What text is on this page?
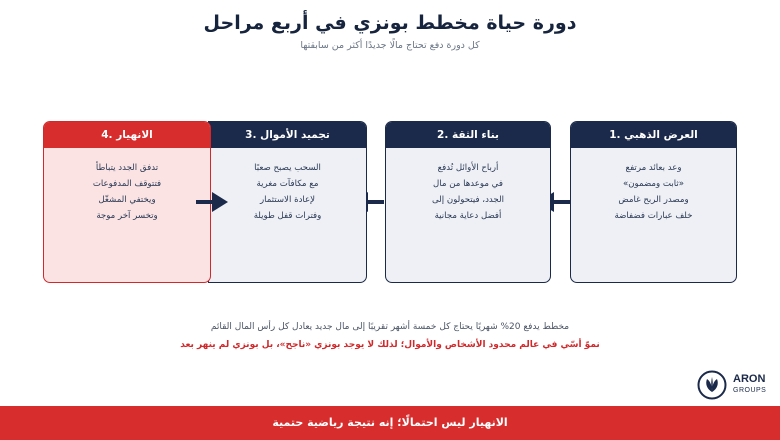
دورة حياة مخطط بونزي في أربع مراحل
كل دورة دفع تحتاج مالًا جديدًا أكثر من سابقتها
العرض الذهبي .1
وعد بعائد مرتفع
«ثابت ومضمون»
ومصدر الربح غامض
خلف عبارات فضفاضة
بناء الثقة .2
أرباح الأوائل تُدفع
في موعدها من مال
الجدد، فيتحولون إلى
أفضل دعاية مجانية
تجميد الأموال .3
السحب يصبح صعبًا
مع مكافآت مغرية
لإعادة الاستثمار
وفترات قفل طويلة
الانهيار .4
تدفق الجدد يتباطأ
فتتوقف المدفوعات
ويختفي المشغّل
وتخسر آخر موجة
مخطط يدفع 20% شهريًا يحتاج كل خمسة أشهر تقريبًا إلى مال جديد يعادل كل رأس المال القائم
نموّ أسّي في عالم محدود الأشخاص والأموال؛ لذلك لا يوجد بونزي «ناجح»، بل بونزي لم ينهر بعد
ARON
GROUPS
الانهيار ليس احتمالًا؛ إنه نتيجة رياضية حتمية
